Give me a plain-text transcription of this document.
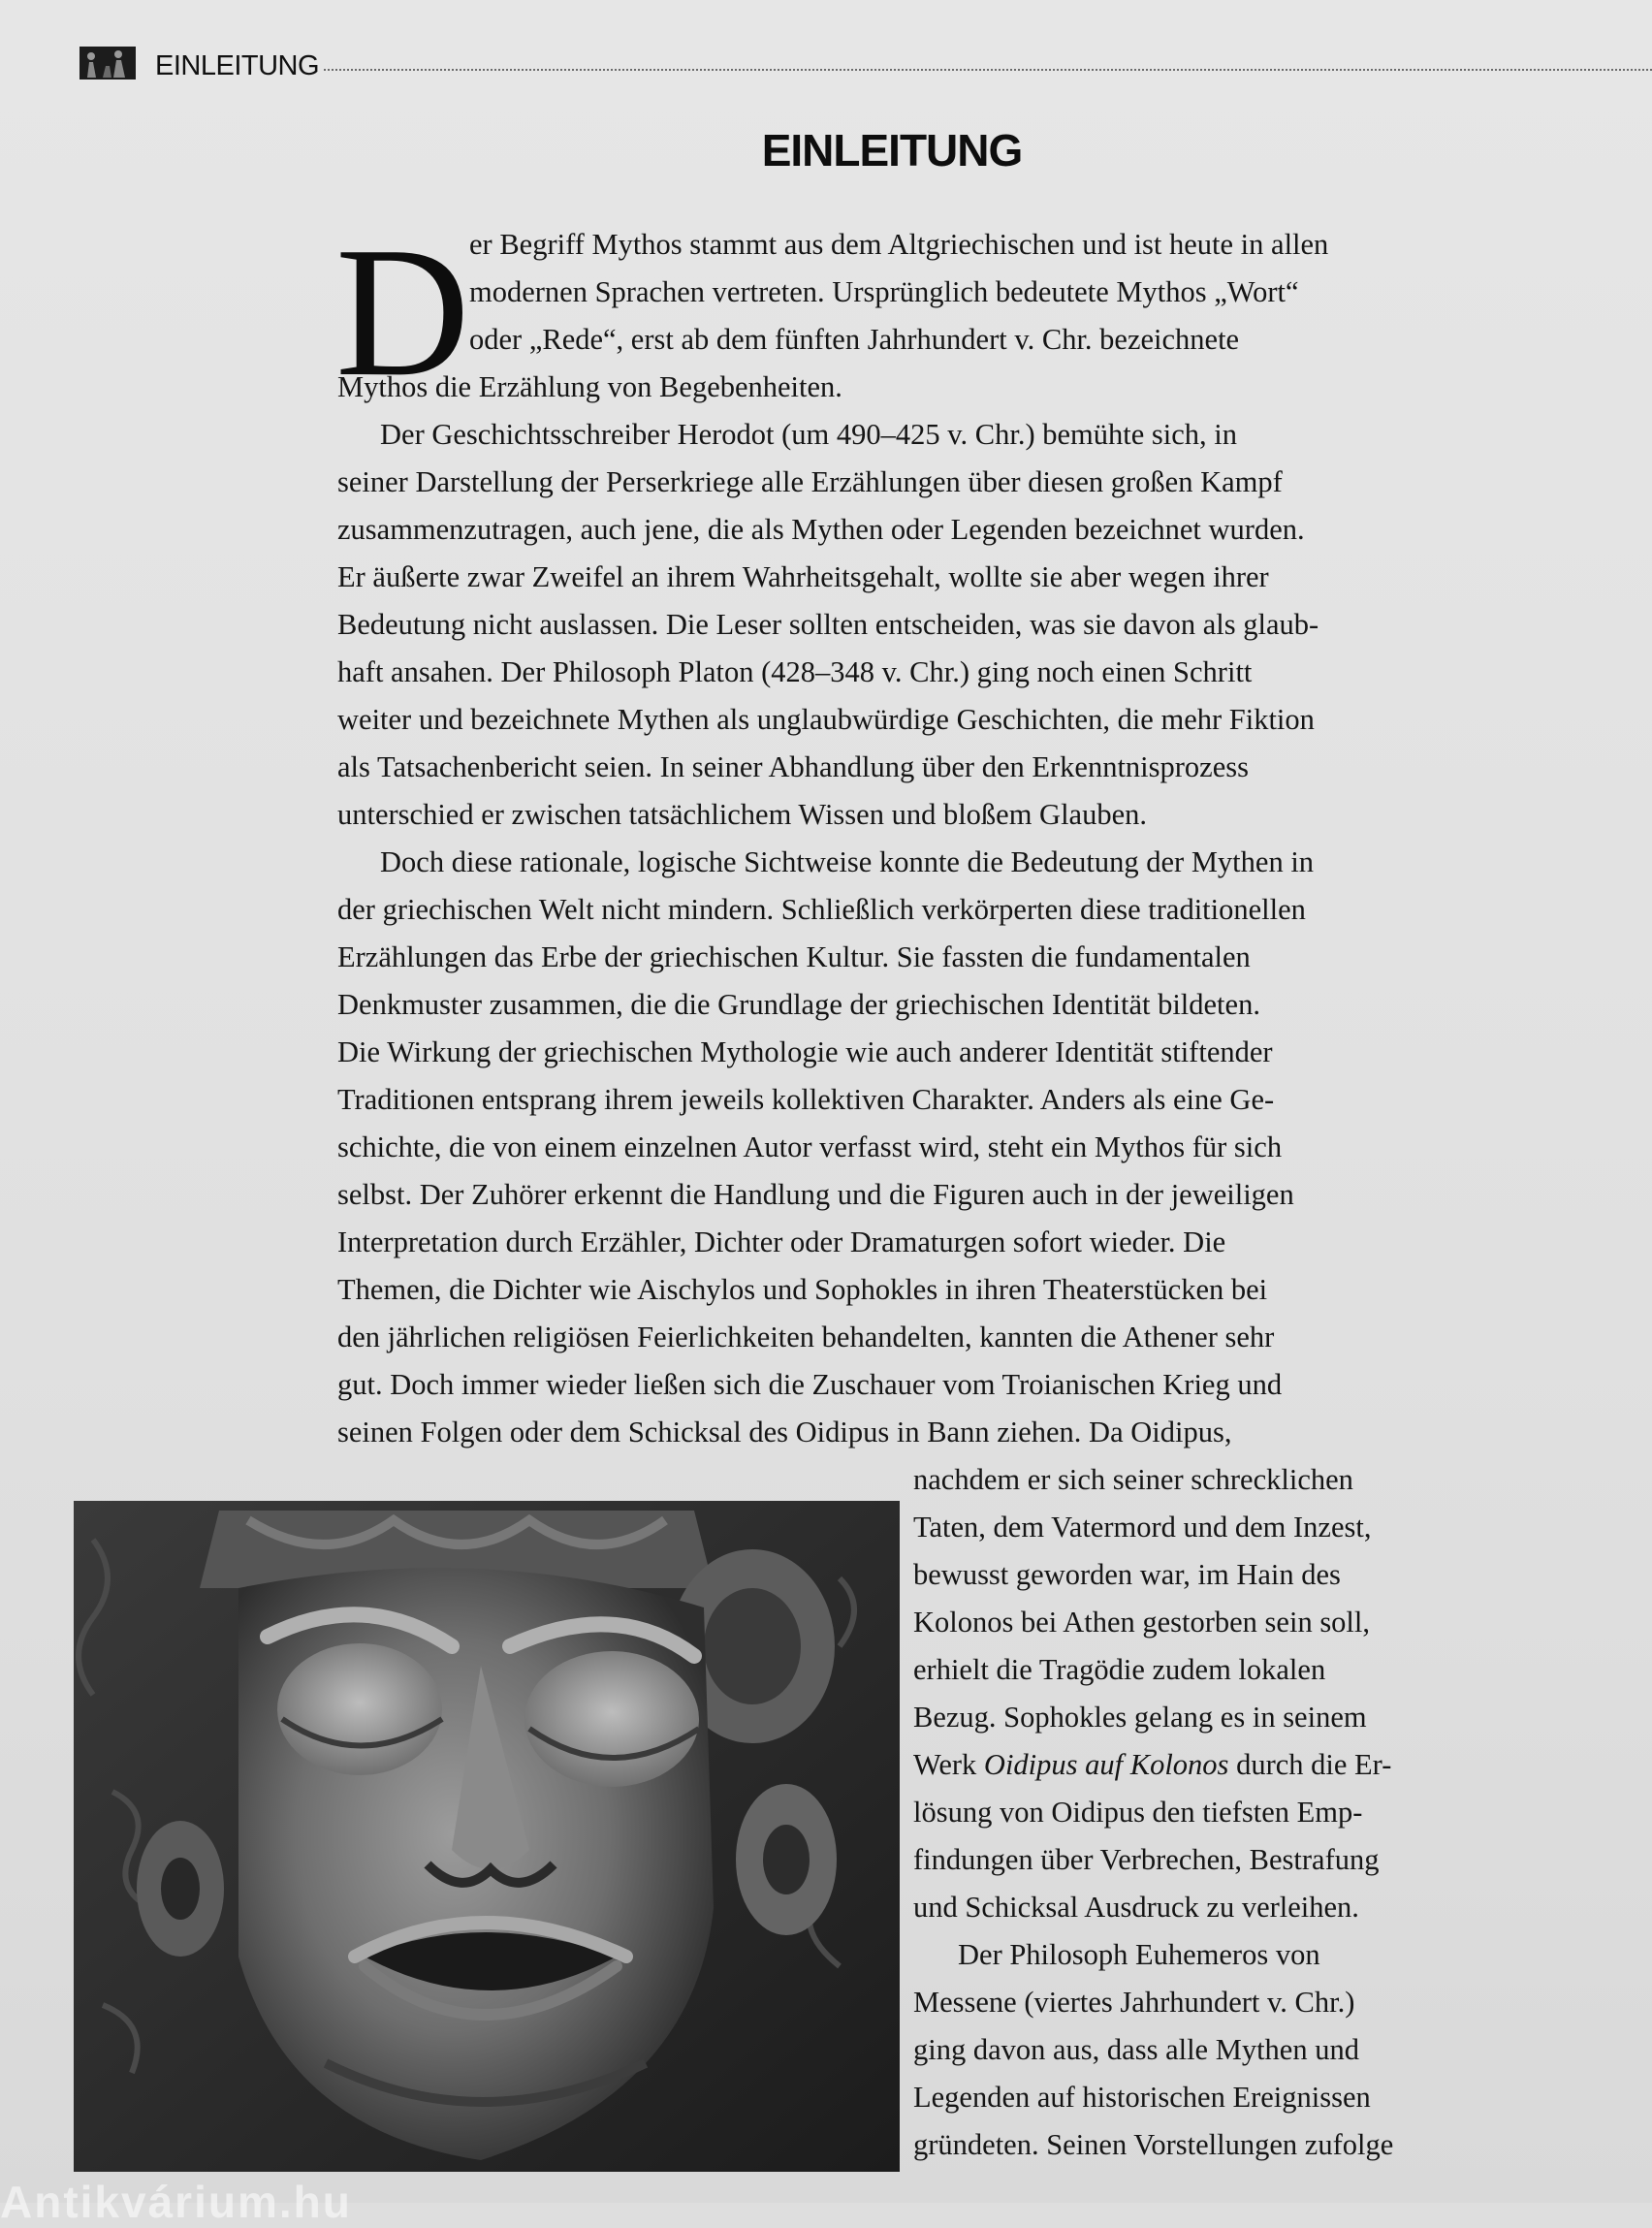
EINLEITUNG
EINLEITUNG
D er Begriff Mythos stammt aus dem Altgriechischen und ist heute in allen
modernen Sprachen vertreten. Ursprünglich bedeutete Mythos „Wort“
oder „Rede“, erst ab dem fünften Jahrhundert v. Chr. bezeichnete
Mythos die Erzählung von Begebenheiten.
Der Geschichtsschreiber Herodot (um 490–425 v. Chr.) bemühte sich, in
seiner Darstellung der Perserkriege alle Erzählungen über diesen großen Kampf
zusammenzutragen, auch jene, die als Mythen oder Legenden bezeichnet wurden.
Er äußerte zwar Zweifel an ihrem Wahrheitsgehalt, wollte sie aber wegen ihrer
Bedeutung nicht auslassen. Die Leser sollten entscheiden, was sie davon als glaub-
haft ansahen. Der Philosoph Platon (428–348 v. Chr.) ging noch einen Schritt
weiter und bezeichnete Mythen als unglaubwürdige Geschichten, die mehr Fiktion
als Tatsachenbericht seien. In seiner Abhandlung über den Erkenntnisprozess
unterschied er zwischen tatsächlichem Wissen und bloßem Glauben.
Doch diese rationale, logische Sichtweise konnte die Bedeutung der Mythen in
der griechischen Welt nicht mindern. Schließlich verkörperten diese traditionellen
Erzählungen das Erbe der griechischen Kultur. Sie fassten die fundamentalen
Denkmuster zusammen, die die Grundlage der griechischen Identität bildeten.
Die Wirkung der griechischen Mythologie wie auch anderer Identität stiftender
Traditionen entsprang ihrem jeweils kollektiven Charakter. Anders als eine Ge-
schichte, die von einem einzelnen Autor verfasst wird, steht ein Mythos für sich
selbst. Der Zuhörer erkennt die Handlung und die Figuren auch in der jeweiligen
Interpretation durch Erzähler, Dichter oder Dramaturgen sofort wieder. Die
Themen, die Dichter wie Aischylos und Sophokles in ihren Theaterstücken bei
den jährlichen religiösen Feierlichkeiten behandelten, kannten die Athener sehr
gut. Doch immer wieder ließen sich die Zuschauer vom Troianischen Krieg und
seinen Folgen oder dem Schicksal des Oidipus in Bann ziehen. Da Oidipus,
nachdem er sich seiner schrecklichen
Taten, dem Vatermord und dem Inzest,
bewusst geworden war, im Hain des
Kolonos bei Athen gestorben sein soll,
erhielt die Tragödie zudem lokalen
Bezug. Sophokles gelang es in seinem
Werk Oidipus auf Kolonos durch die Er-
lösung von Oidipus den tiefsten Emp-
findungen über Verbrechen, Bestrafung
und Schicksal Ausdruck zu verleihen.
Der Philosoph Euhemeros von
Messene (viertes Jahrhundert v. Chr.)
ging davon aus, dass alle Mythen und
Legenden auf historischen Ereignissen
gründeten. Seinen Vorstellungen zufolge
Antikvárium.hu
